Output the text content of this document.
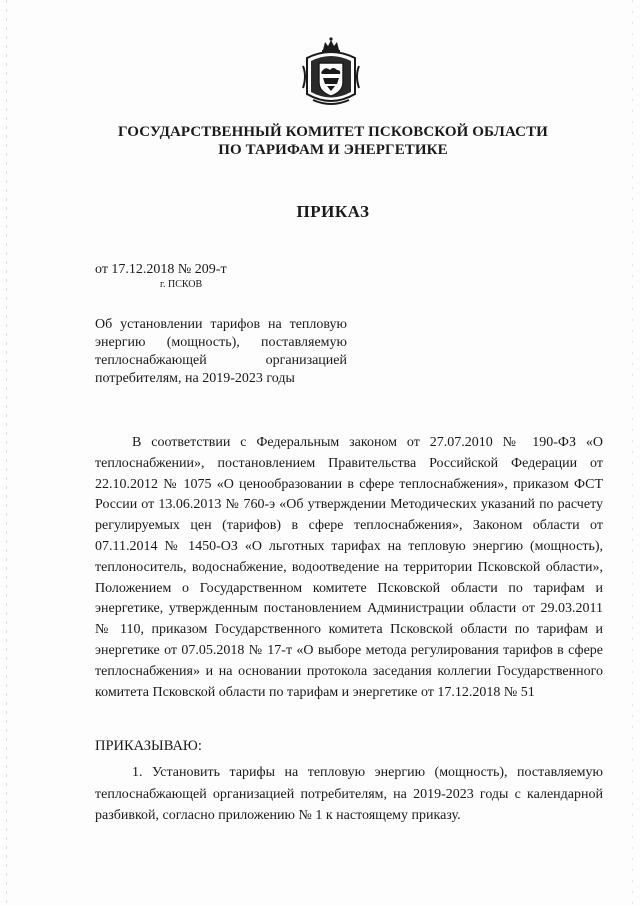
ГОСУДАРСТВЕННЫЙ КОМИТЕТ ПСКОВСКОЙ ОБЛАСТИ
ПО ТАРИФАМ И ЭНЕРГЕТИКЕ
ПРИКАЗ
от 17.12.2018 № 209-т
г. ПСКОВ
Об установлении тарифов на тепловую энергию (мощность), поставляемую теплоснабжающей организацией потребителям, на 2019-2023 годы

В соответствии с Федеральным законом от 27.07.2010 № 190-ФЗ «О теплоснабжении», постановлением Правительства Российской Федерации от 22.10.2012 № 1075 «О ценообразовании в сфере теплоснабжения», приказом ФСТ России от 13.06.2013 № 760-э «Об утверждении Методических указаний по расчету регулируемых цен (тарифов) в сфере теплоснабжения», Законом области от 07.11.2014 № 1450-ОЗ «О льготных тарифах на тепловую энергию (мощность), теплоноситель, водоснабжение, водоотведение на территории Псковской области», Положением о Государственном комитете Псковской области по тарифам и энергетике, утвержденным постановлением Администрации области от 29.03.2011 № 110, приказом Государственного комитета Псковской области по тарифам и энергетике от 07.05.2018 № 17-т «О выборе метода регулирования тарифов в сфере теплоснабжения» и на основании протокола заседания коллегии Государственного комитета Псковской области по тарифам и энергетике от 17.12.2018 № 51

ПРИКАЗЫВАЮ:

1. Установить тарифы на тепловую энергию (мощность), поставляемую теплоснабжающей организацией потребителям, на 2019-2023 годы с календарной разбивкой, согласно приложению № 1 к настоящему приказу.
